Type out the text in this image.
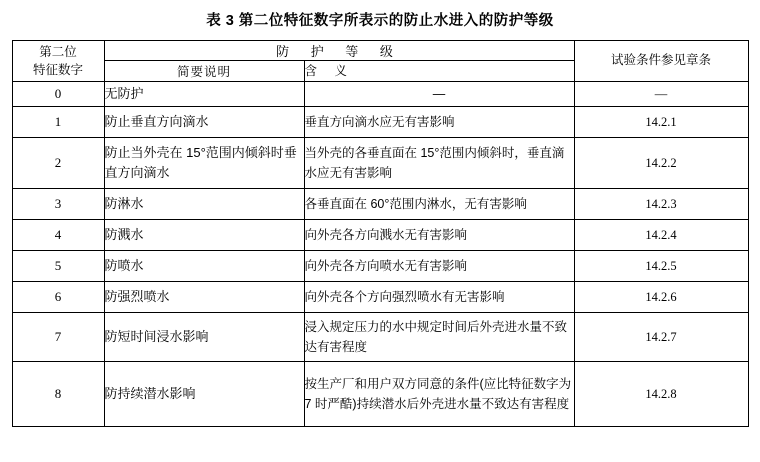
表 3 第二位特征数字所表示的防止水进入的防护等级
第二位
特征数字	防 护 等 级		试验条件参见章条
	简要说明	含 义	
0	无防护	—	—
1	防止垂直方向滴水	垂直方向滴水应无有害影响	14.2.1
2	防止当外壳在 15°范围内倾斜时垂直方向滴水	当外壳的各垂直面在 15°范围内倾斜时，垂直滴水应无有害影响	14.2.2
3	防淋水	各垂直面在 60°范围内淋水，无有害影响	14.2.3
4	防溅水	向外壳各方向溅水无有害影响	14.2.4
5	防喷水	向外壳各方向喷水无有害影响	14.2.5
6	防强烈喷水	向外壳各个方向强烈喷水有无害影响	14.2.6
7	防短时间浸水影响	浸入规定压力的水中规定时间后外壳进水量不致达有害程度	14.2.7
8	防持续潜水影响	按生产厂和用户双方同意的条件(应比特征数字为 7 时严酷)持续潜水后外壳进水量不致达有害程度	14.2.8
